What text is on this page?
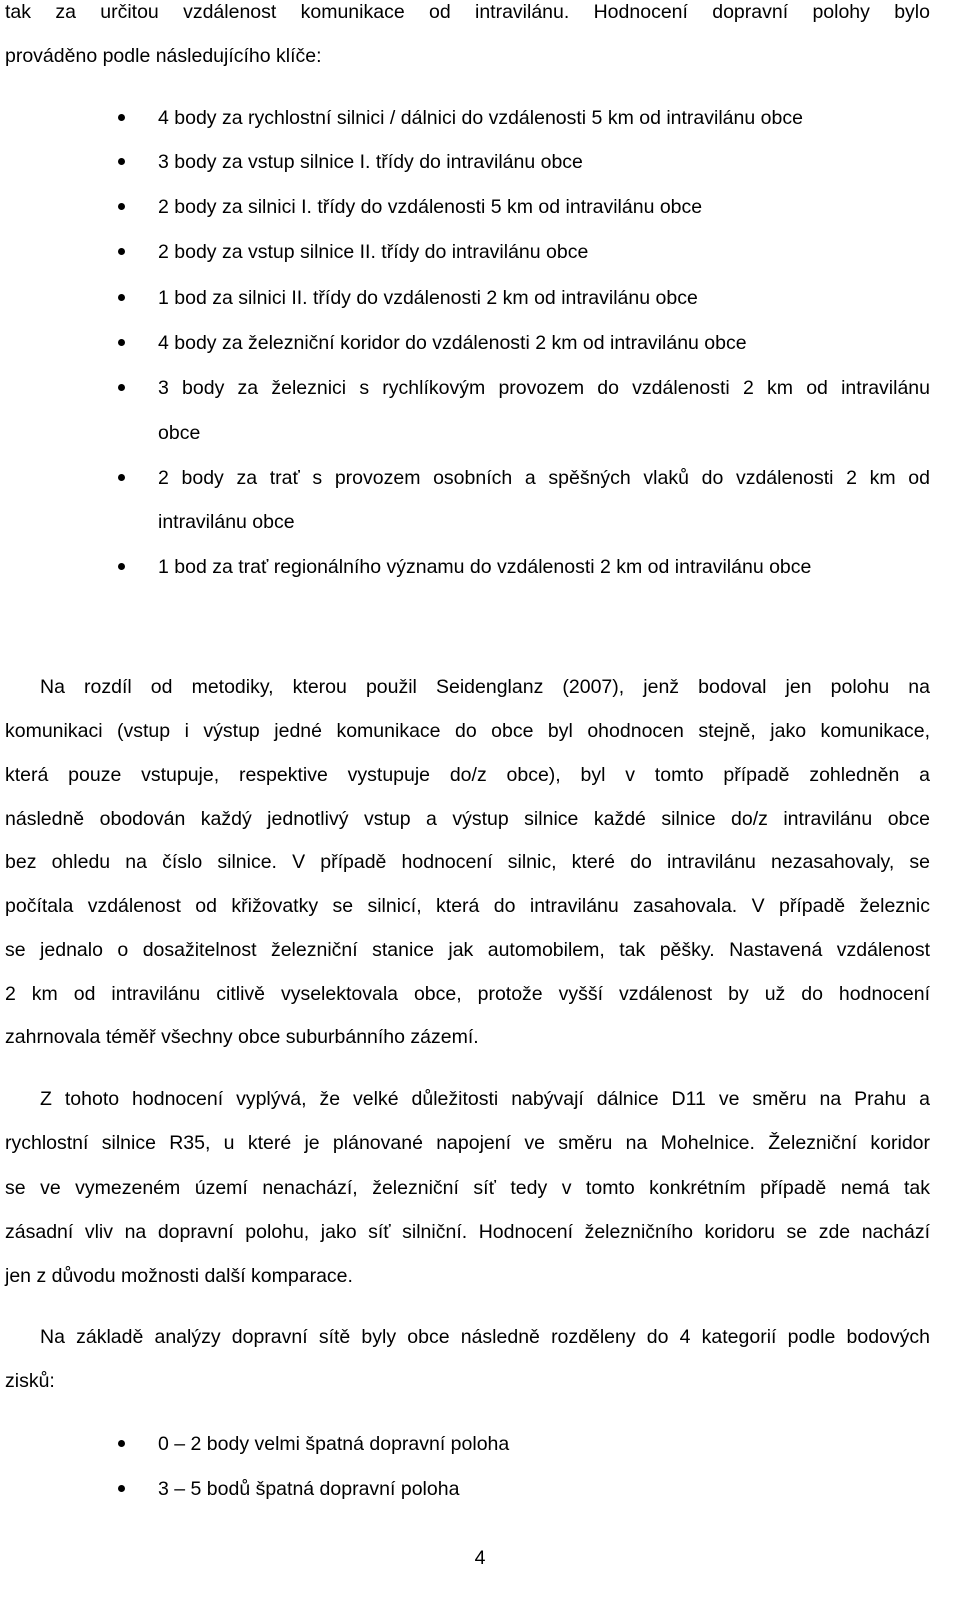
tak za určitou vzdálenost komunikace od intravilánu. Hodnocení dopravní polohy bylo
prováděno podle následujícího klíče:
4 body za rychlostní silnici / dálnici do vzdálenosti 5 km od intravilánu obce
3 body za vstup silnice I. třídy do intravilánu obce
2 body za silnici I. třídy do vzdálenosti 5 km od intravilánu obce
2 body za vstup silnice II. třídy do intravilánu obce
1 bod za silnici II. třídy do vzdálenosti 2 km od intravilánu obce
4 body za železniční koridor do vzdálenosti 2 km od intravilánu obce
3 body za železnici s rychlíkovým provozem do vzdálenosti 2 km od intravilánu
obce
2 body za trať s provozem osobních a spěšných vlaků do vzdálenosti 2 km od
intravilánu obce
1 bod za trať regionálního významu do vzdálenosti 2 km od intravilánu obce
Na rozdíl od metodiky, kterou použil Seidenglanz (2007), jenž bodoval jen polohu na
komunikaci (vstup i výstup jedné komunikace do obce byl ohodnocen stejně, jako komunikace,
která pouze vstupuje, respektive vystupuje do/z obce), byl v tomto případě zohledněn a
následně obodován každý jednotlivý vstup a výstup silnice každé silnice do/z intravilánu obce
bez ohledu na číslo silnice. V případě hodnocení silnic, které do intravilánu nezasahovaly, se
počítala vzdálenost od křižovatky se silnicí, která do intravilánu zasahovala. V případě železnic
se jednalo o dosažitelnost železniční stanice jak automobilem, tak pěšky. Nastavená vzdálenost
2 km od intravilánu citlivě vyselektovala obce, protože vyšší vzdálenost by už do hodnocení
zahrnovala téměř všechny obce suburbánního zázemí.
Z tohoto hodnocení vyplývá, že velké důležitosti nabývají dálnice D11 ve směru na Prahu a
rychlostní silnice R35, u které je plánované napojení ve směru na Mohelnice. Železniční koridor
se ve vymezeném území nenachází, železniční síť tedy v tomto konkrétním případě nemá tak
zásadní vliv na dopravní polohu, jako síť silniční. Hodnocení železničního koridoru se zde nachází
jen z důvodu možnosti další komparace.
Na základě analýzy dopravní sítě byly obce následně rozděleny do 4 kategorií podle bodových
zisků:
0 – 2 body velmi špatná dopravní poloha
3 – 5 bodů špatná dopravní poloha
4
